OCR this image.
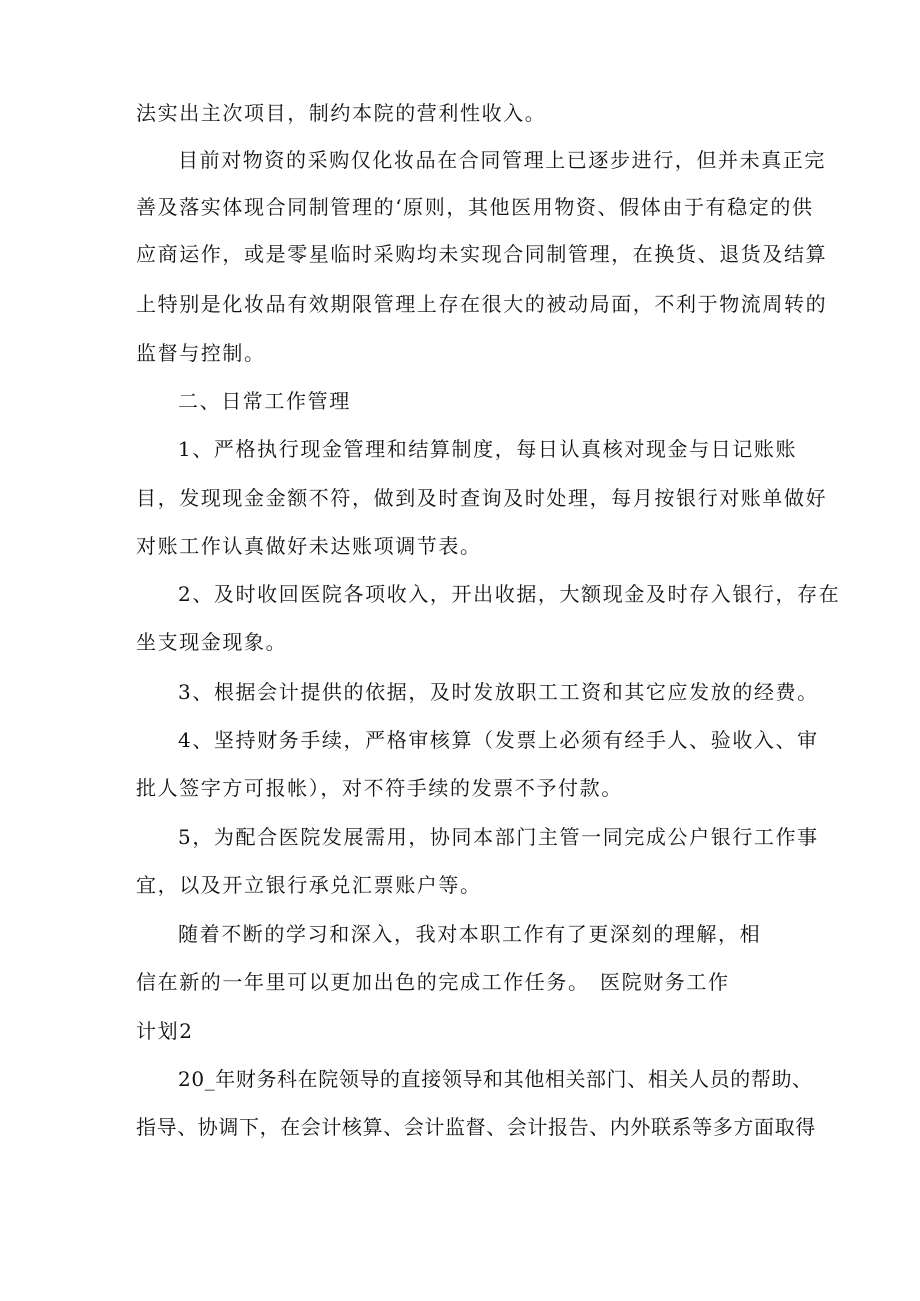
法实出主次项目，制约本院的营利性收入。
目前对物资的采购仅化妆品在合同管理上已逐步进行，但并未真正完
善及落实体现合同制管理的‘原则，其他医用物资、假体由于有稳定的供
应商运作，或是零星临时采购均未实现合同制管理，在换货、退货及结算
上特别是化妆品有效期限管理上存在很大的被动局面，不利于物流周转的
监督与控制。
二、日常工作管理
1、严格执行现金管理和结算制度，每日认真核对现金与日记账账
目，发现现金金额不符，做到及时查询及时处理，每月按银行对账单做好
对账工作认真做好未达账项调节表。
2、及时收回医院各项收入，开出收据，大额现金及时存入银行，存在
坐支现金现象。
3、根据会计提供的依据，及时发放职工工资和其它应发放的经费。
4、坚持财务手续，严格审核算（发票上必须有经手人、验收入、审
批人签字方可报帐），对不符手续的发票不予付款。
5，为配合医院发展需用，协同本部门主管一同完成公户银行工作事
宜，以及开立银行承兑汇票账户等。
随着不断的学习和深入，我对本职工作有了更深刻的理解，相
信在新的一年里可以更加出色的完成工作任务。 医院财务工作
计划2
20_年财务科在院领导的直接领导和其他相关部门、相关人员的帮助、
指导、协调下，在会计核算、会计监督、会计报告、内外联系等多方面取得
